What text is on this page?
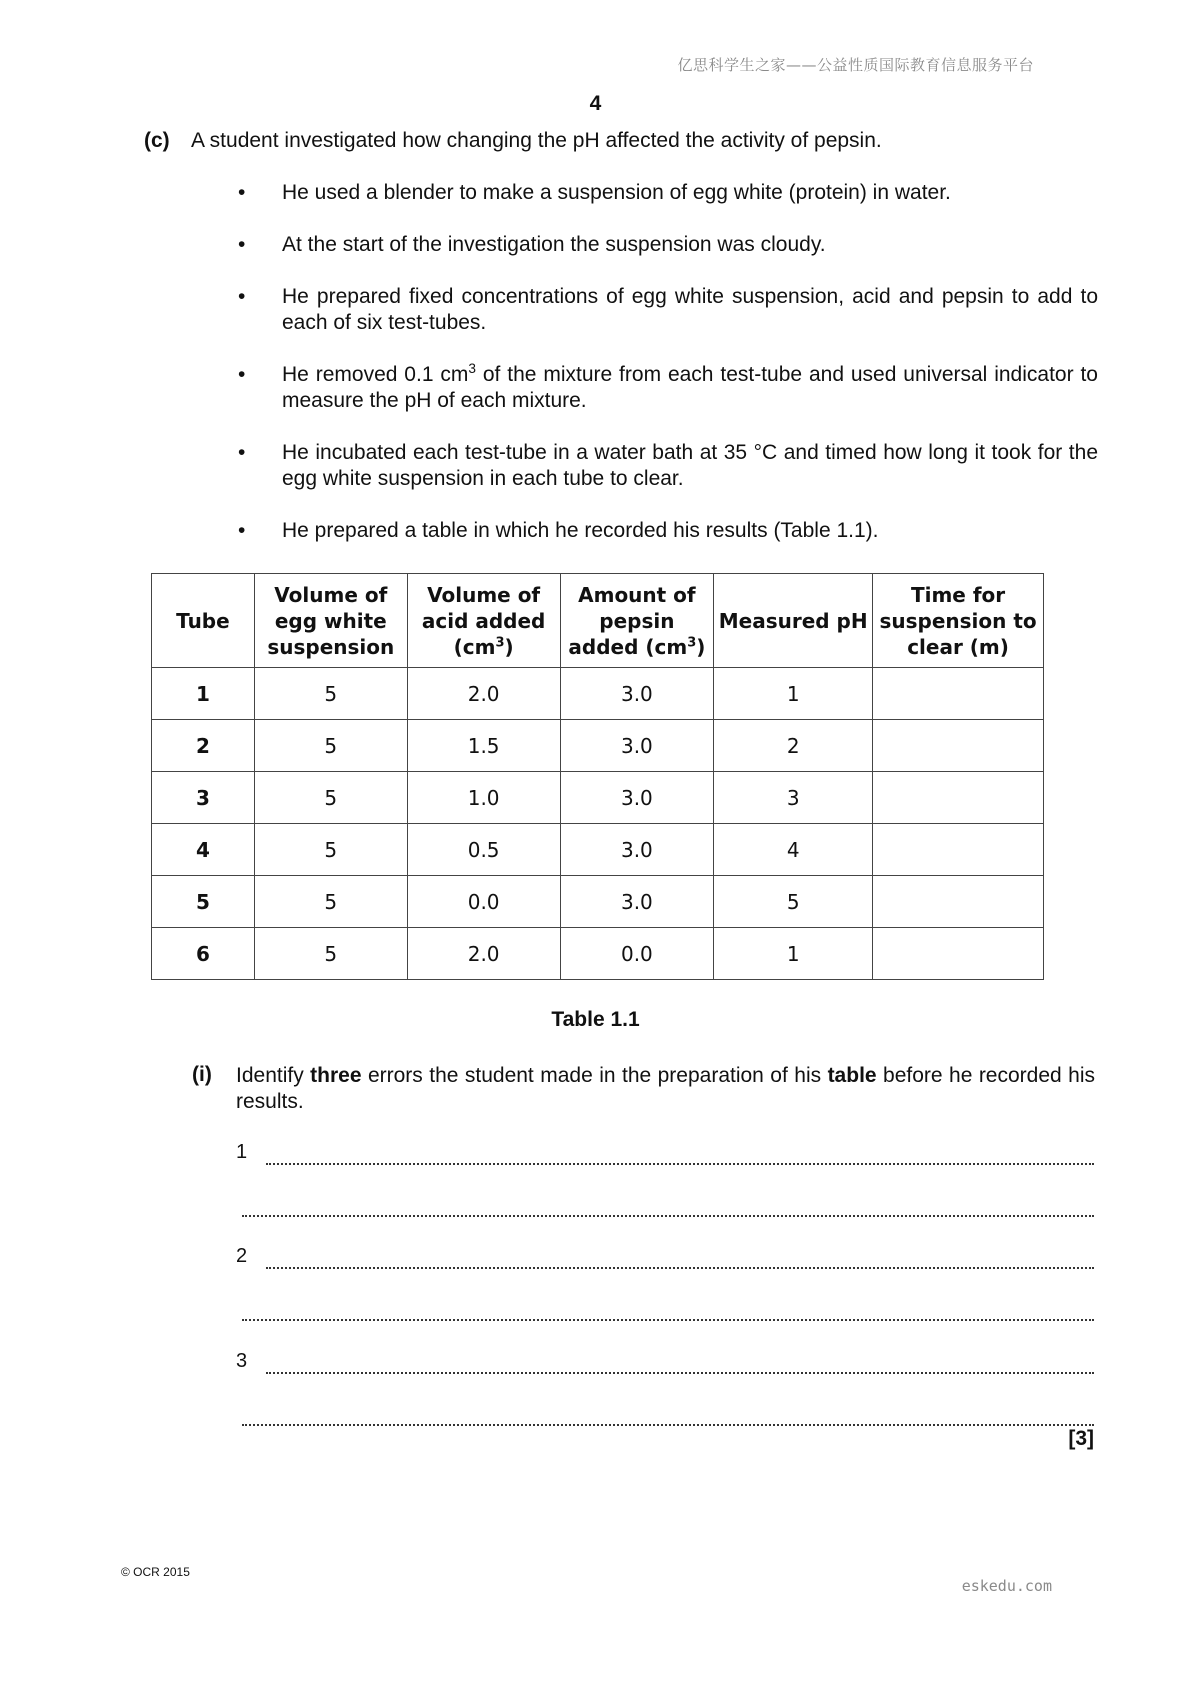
亿思科学生之家——公益性质国际教育信息服务平台
4
(c) A student investigated how changing the pH affected the activity of pepsin.
• He used a blender to make a suspension of egg white (protein) in water.
• At the start of the investigation the suspension was cloudy.
• He prepared fixed concentrations of egg white suspension, acid and pepsin to add to each of six test-tubes.
• He removed 0.1 $cm^3$ of the mixture from each test-tube and used universal indicator to measure the pH of each mixture.
• He incubated each test-tube in a water bath at 35 °C and timed how long it took for the egg white suspension in each tube to clear.
• He prepared a table in which he recorded his results (Table 1.1).
Tube	Volume of egg white suspension	Volume of acid added $(cm^3)$	Amount of pepsin added $(cm^3)$	Measured pH	Time for suspension to clear (m)
1	5	2.0	3.0	1	
2	5	1.5	3.0	2	
3	5	1.0	3.0	3	
4	5	0.5	3.0	4	
5	5	0.0	3.0	5	
6	5	2.0	0.0	1	
Table 1.1
(i) Identify three errors the student made in the preparation of his table before he recorded his results.
1
2
3
[3]
© OCR 2015
eskedu.com
